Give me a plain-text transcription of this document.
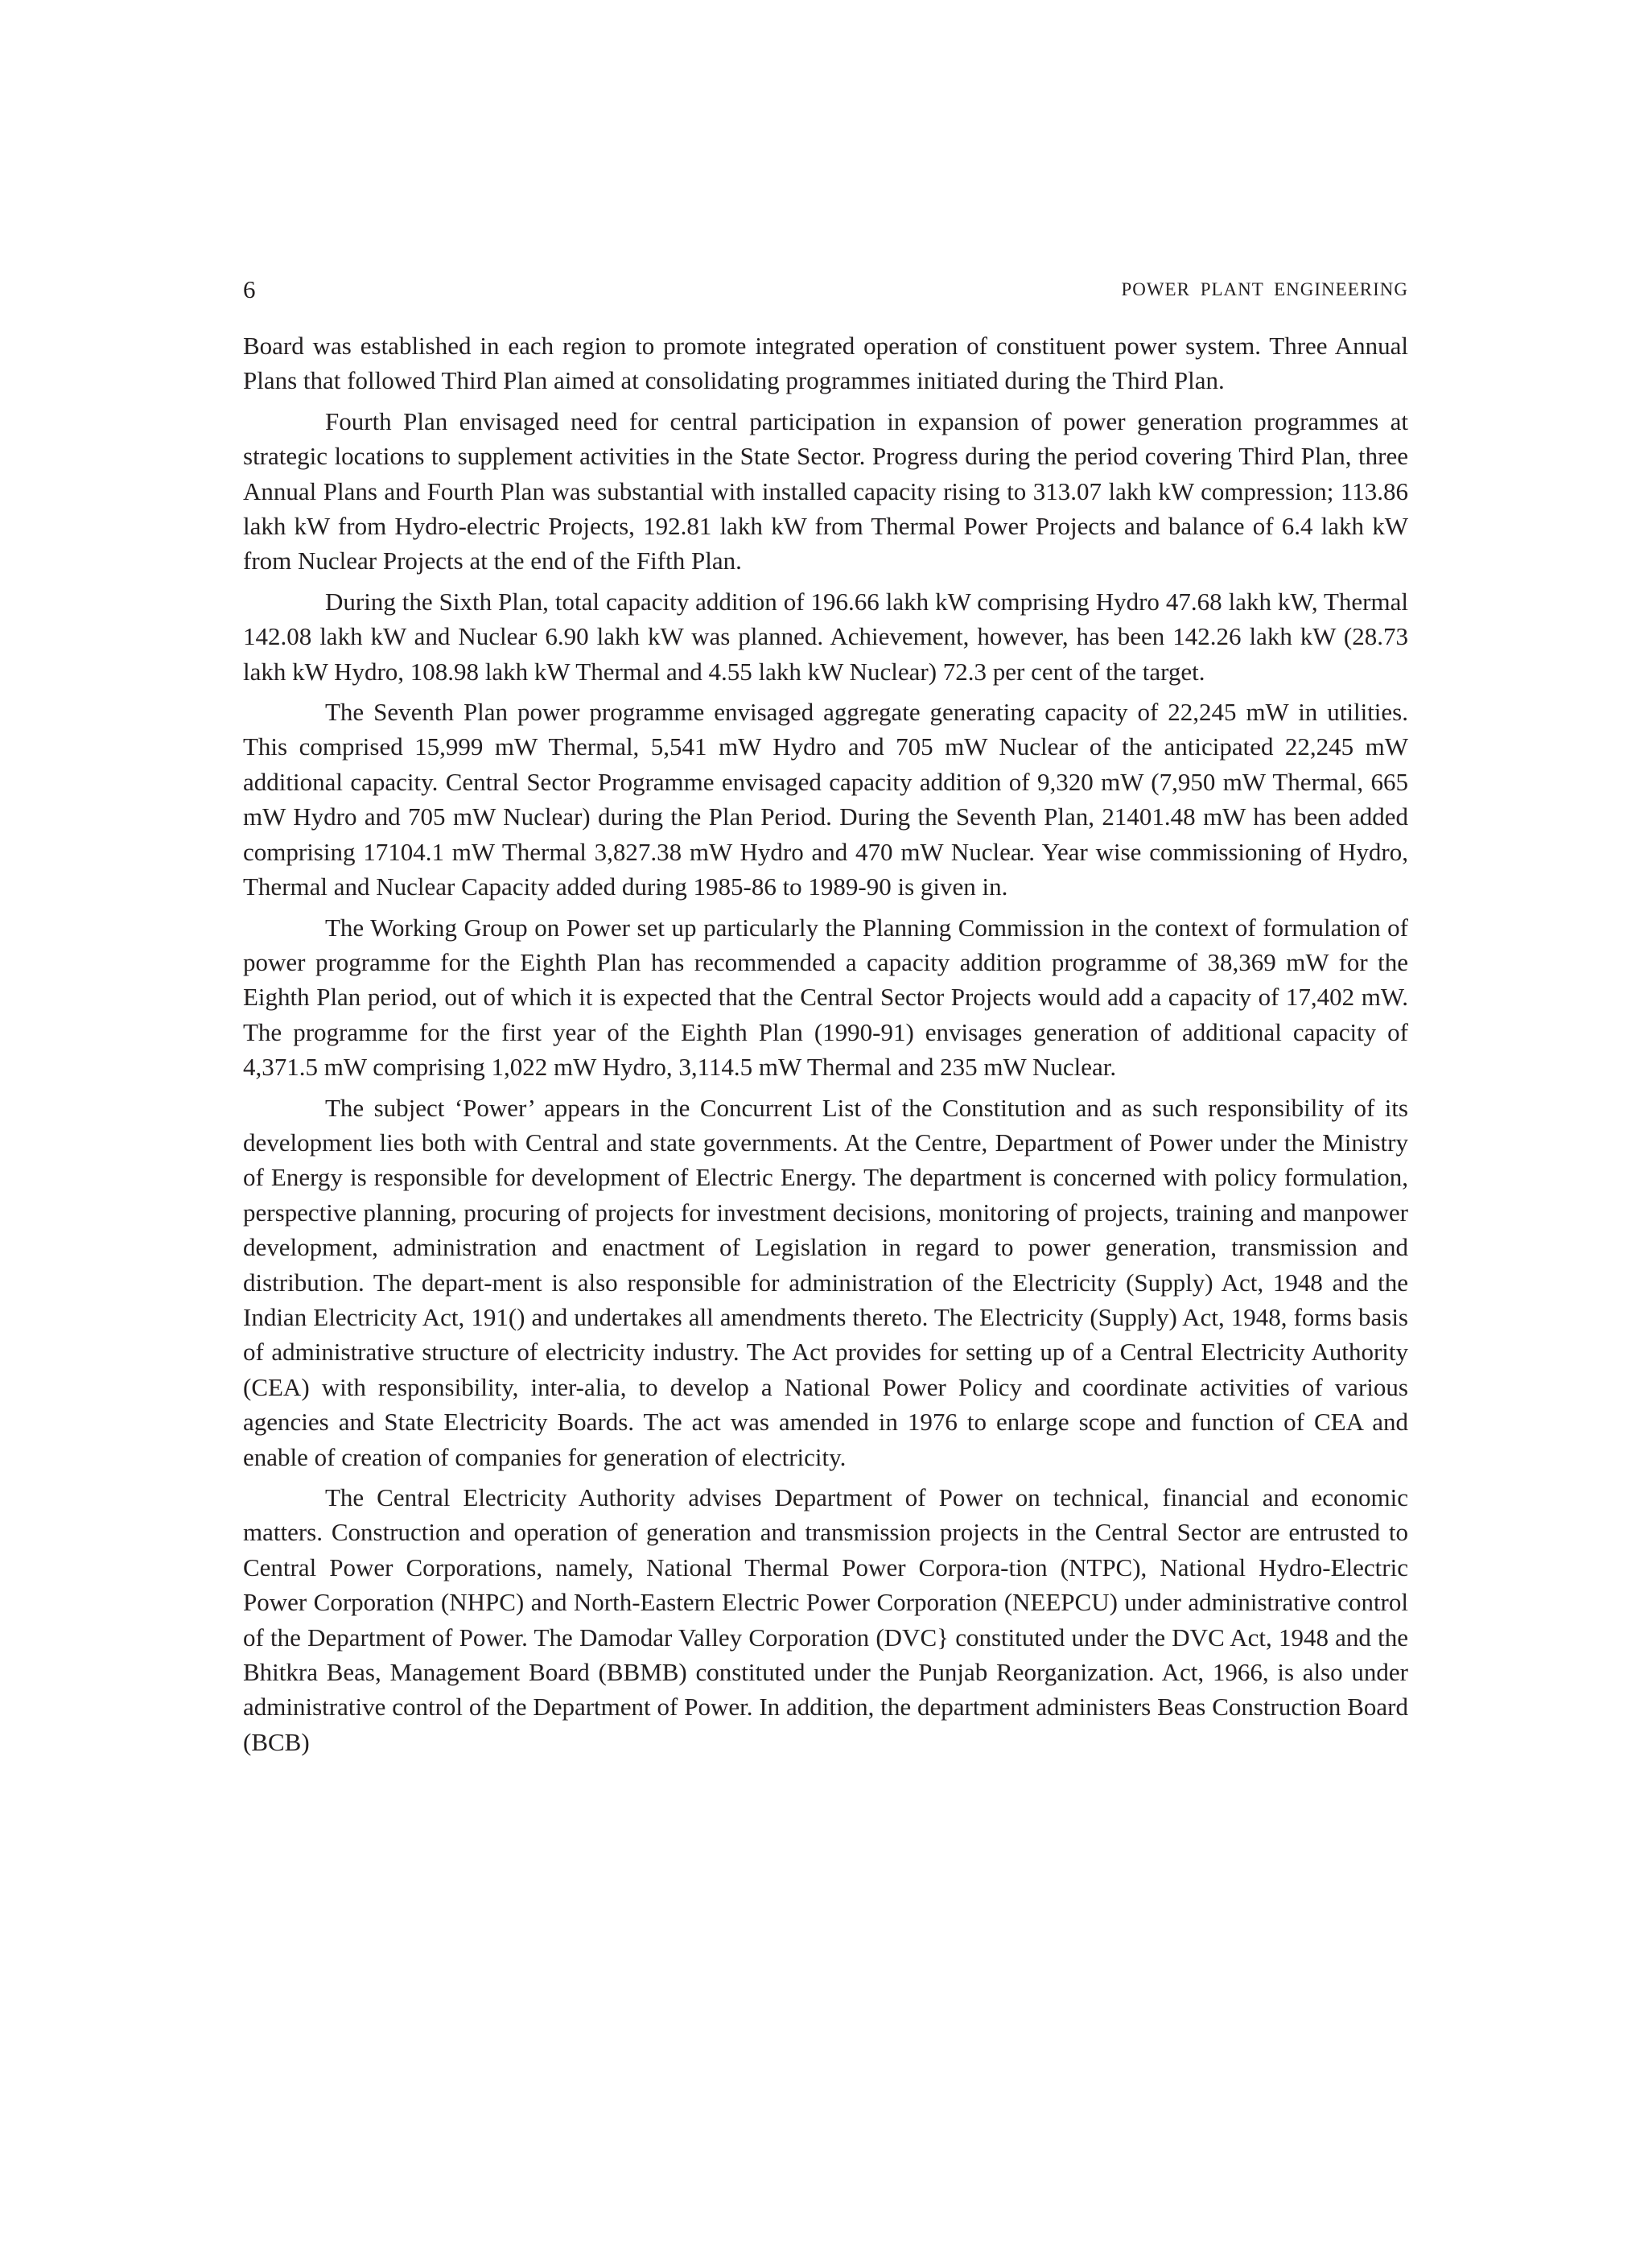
6	POWER PLANT ENGINEERING

Board was established in each region to promote integrated operation of constituent power system. Three Annual Plans that followed Third Plan aimed at consolidating programmes initiated during the Third Plan.

Fourth Plan envisaged need for central participation in expansion of power generation programmes at strategic locations to supplement activities in the State Sector. Progress during the period covering Third Plan, three Annual Plans and Fourth Plan was substantial with installed capacity rising to 313.07 lakh kW compression; 113.86 lakh kW from Hydro-electric Projects, 192.81 lakh kW from Thermal Power Projects and balance of 6.4 lakh kW from Nuclear Projects at the end of the Fifth Plan.

During the Sixth Plan, total capacity addition of 196.66 lakh kW comprising Hydro 47.68 lakh kW, Thermal 142.08 lakh kW and Nuclear 6.90 lakh kW was planned. Achievement, however, has been 142.26 lakh kW (28.73 lakh kW Hydro, 108.98 lakh kW Thermal and 4.55 lakh kW Nuclear) 72.3 per cent of the target.

The Seventh Plan power programme envisaged aggregate generating capacity of 22,245 mW in utilities. This comprised 15,999 mW Thermal, 5,541 mW Hydro and 705 mW Nuclear of the anticipated 22,245 mW additional capacity. Central Sector Programme envisaged capacity addition of 9,320 mW (7,950 mW Thermal, 665 mW Hydro and 705 mW Nuclear) during the Plan Period. During the Seventh Plan, 21401.48 mW has been added comprising 17104.1 mW Thermal 3,827.38 mW Hydro and 470 mW Nuclear. Year wise commissioning of Hydro, Thermal and Nuclear Capacity added during 1985-86 to 1989-90 is given in.

The Working Group on Power set up particularly the Planning Commission in the context of formulation of power programme for the Eighth Plan has recommended a capacity addition programme of 38,369 mW for the Eighth Plan period, out of which it is expected that the Central Sector Projects would add a capacity of 17,402 mW. The programme for the first year of the Eighth Plan (1990-91) envisages generation of additional capacity of 4,371.5 mW comprising 1,022 mW Hydro, 3,114.5 mW Thermal and 235 mW Nuclear.

The subject ‘Power’ appears in the Concurrent List of the Constitution and as such responsibility of its development lies both with Central and state governments. At the Centre, Department of Power under the Ministry of Energy is responsible for development of Electric Energy. The department is concerned with policy formulation, perspective planning, procuring of projects for investment decisions, monitoring of projects, training and manpower development, administration and enactment of Legislation in regard to power generation, transmission and distribution. The depart-ment is also responsible for administration of the Electricity (Supply) Act, 1948 and the Indian Electricity Act, 191() and undertakes all amendments thereto. The Electricity (Supply) Act, 1948, forms basis of administrative structure of electricity industry. The Act provides for setting up of a Central Electricity Authority (CEA) with responsibility, inter-alia, to develop a National Power Policy and coordinate activities of various agencies and State Electricity Boards. The act was amended in 1976 to enlarge scope and function of CEA and enable of creation of companies for generation of electricity.

The Central Electricity Authority advises Department of Power on technical, financial and economic matters. Construction and operation of generation and transmission projects in the Central Sector are entrusted to Central Power Corporations, namely, National Thermal Power Corpora-tion (NTPC), National Hydro-Electric Power Corporation (NHPC) and North-Eastern Electric Power Corporation (NEEPCU) under administrative control of the Department of Power. The Damodar Valley Corporation (DVC} constituted under the DVC Act, 1948 and the Bhitkra Beas, Management Board (BBMB) constituted under the Punjab Reorganization. Act, 1966, is also under administrative control of the Department of Power. In addition, the department administers Beas Construction Board (BCB)
